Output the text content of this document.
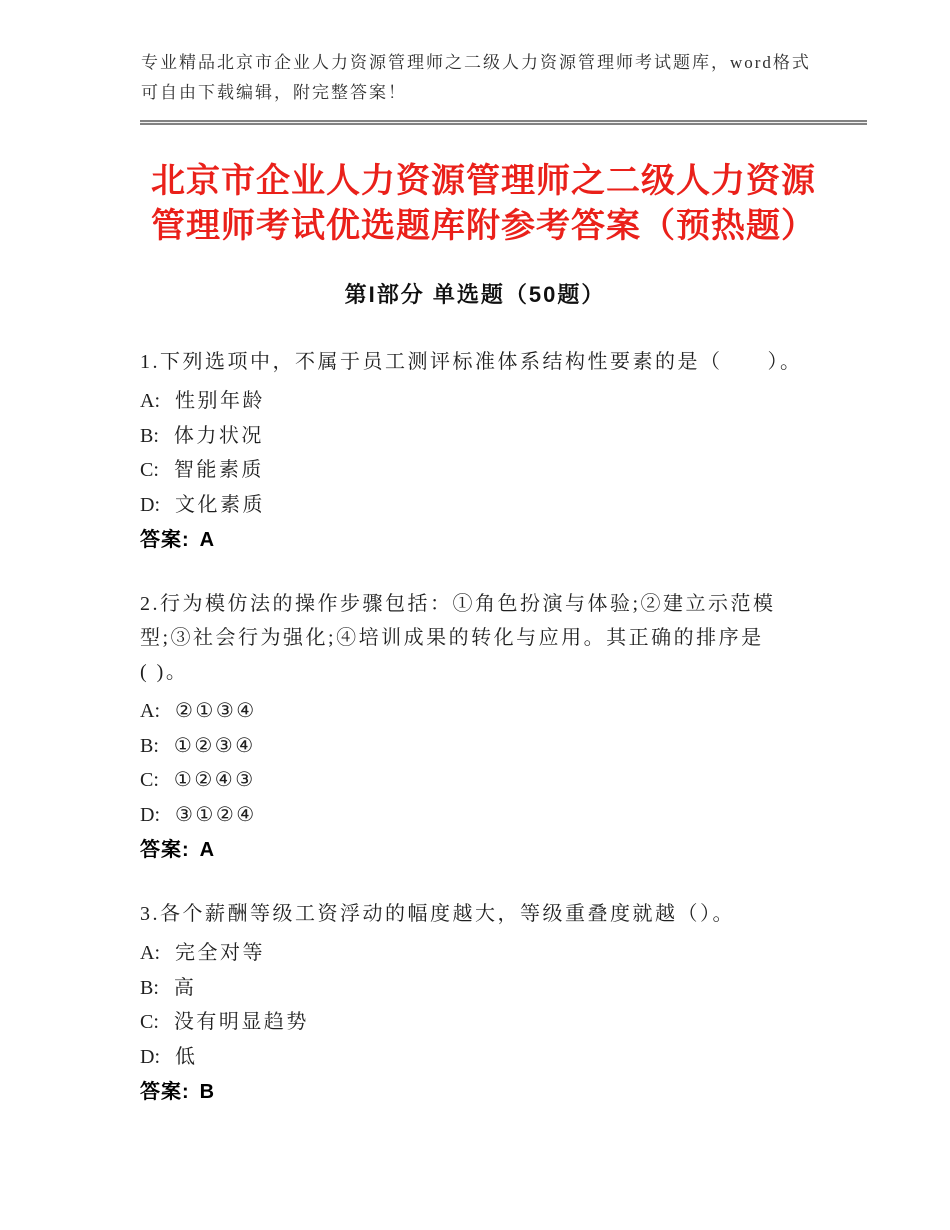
专业精品北京市企业人力资源管理师之二级人力资源管理师考试题库，word格式
可自由下载编辑，附完整答案！
北京市企业人力资源管理师之二级人力资源
管理师考试优选题库附参考答案（预热题）
第I部分 单选题（50题）
1.下列选项中，不属于员工测评标准体系结构性要素的是（　　）。
A: 性别年龄
B: 体力状况
C: 智能素质
D: 文化素质
答案: A
2.行为模仿法的操作步骤包括：①角色扮演与体验;②建立示范模
型;③社会行为强化;④培训成果的转化与应用。其正确的排序是
( )。
A: ②①③④
B: ①②③④
C: ①②④③
D: ③①②④
答案: A
3.各个薪酬等级工资浮动的幅度越大，等级重叠度就越（）。
A: 完全对等
B: 高
C: 没有明显趋势
D: 低
答案: B
